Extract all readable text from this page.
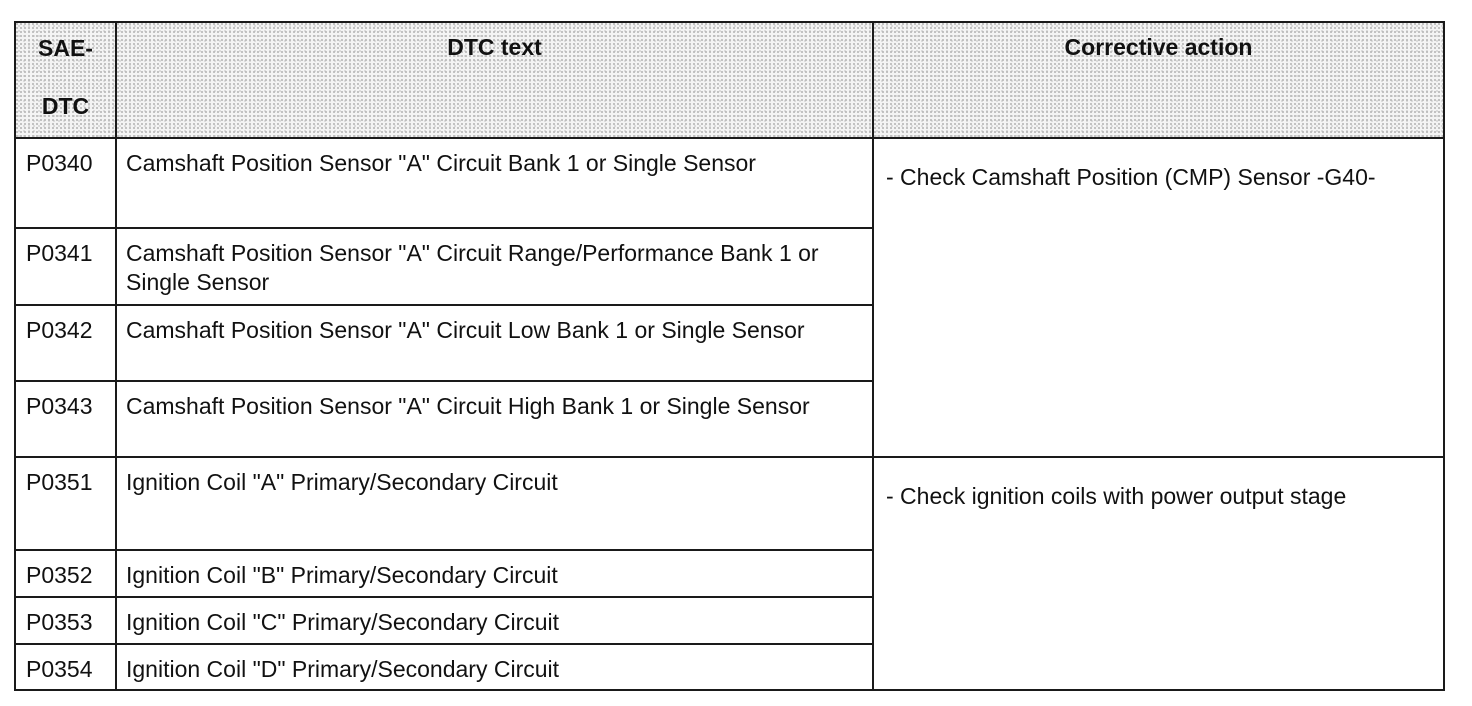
SAE-
DTC	DTC text	Corrective action
P0340	Camshaft Position Sensor "A" Circuit Bank 1 or Single Sensor	- Check Camshaft Position (CMP) Sensor -G40-
P0341	Camshaft Position Sensor "A" Circuit Range/Performance Bank 1 or Single Sensor	
P0342	Camshaft Position Sensor "A" Circuit Low Bank 1 or Single Sensor	
P0343	Camshaft Position Sensor "A" Circuit High Bank 1 or Single Sensor	
P0351	Ignition Coil "A" Primary/Secondary Circuit	- Check ignition coils with power output stage
P0352	Ignition Coil "B" Primary/Secondary Circuit	
P0353	Ignition Coil "C" Primary/Secondary Circuit	
P0354	Ignition Coil "D" Primary/Secondary Circuit	
